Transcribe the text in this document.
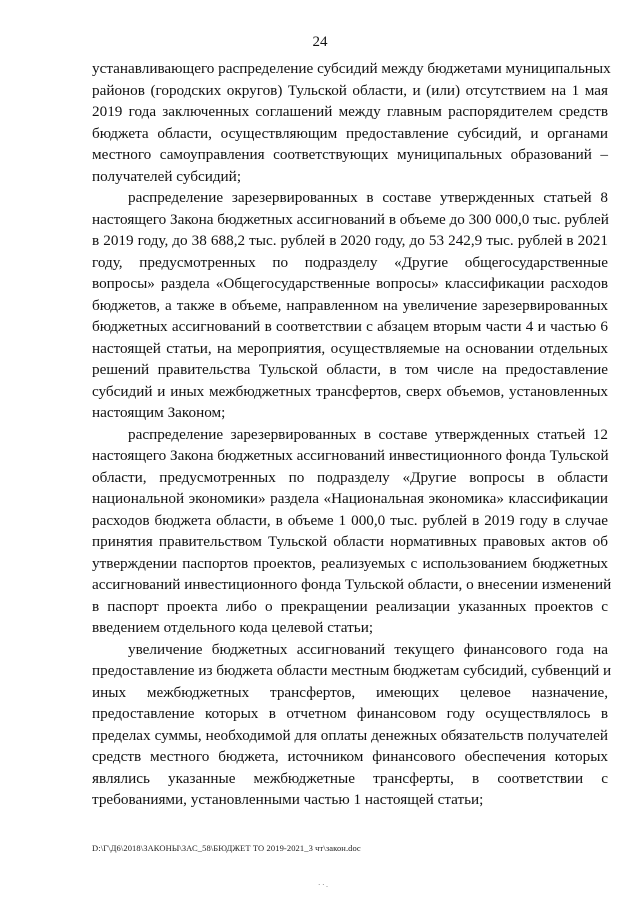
24

устанавливающего распределение субсидий между бюджетами муниципальных
районов (городских округов) Тульской области, и (или) отсутствием на 1 мая
2019 года заключенных соглашений между главным распорядителем средств
бюджета области, осуществляющим предоставление субсидий, и органами
местного самоуправления соответствующих муниципальных образований –
получателей субсидий;

распределение зарезервированных в составе утвержденных статьей 8
настоящего Закона бюджетных ассигнований в объеме до 300 000,0 тыс. рублей
в 2019 году, до 38 688,2 тыс. рублей в 2020 году, до 53 242,9 тыс. рублей в 2021
году, предусмотренных по подразделу «Другие общегосударственные
вопросы» раздела «Общегосударственные вопросы» классификации расходов
бюджетов, а также в объеме, направленном на увеличение зарезервированных
бюджетных ассигнований в соответствии с абзацем вторым части 4 и частью 6
настоящей статьи, на мероприятия, осуществляемые на основании отдельных
решений правительства Тульской области, в том числе на предоставление
субсидий и иных межбюджетных трансфертов, сверх объемов, установленных
настоящим Законом;

распределение зарезервированных в составе утвержденных статьей 12
настоящего Закона бюджетных ассигнований инвестиционного фонда Тульской
области, предусмотренных по подразделу «Другие вопросы в области
национальной экономики» раздела «Национальная экономика» классификации
расходов бюджета области, в объеме 1 000,0 тыс. рублей в 2019 году в случае
принятия правительством Тульской области нормативных правовых актов об
утверждении паспортов проектов, реализуемых с использованием бюджетных
ассигнований инвестиционного фонда Тульской области, о внесении изменений
в паспорт проекта либо о прекращении реализации указанных проектов с
введением отдельного кода целевой статьи;

увеличение бюджетных ассигнований текущего финансового года на
предоставление из бюджета области местным бюджетам субсидий, субвенций и
иных межбюджетных трансфертов, имеющих целевое назначение,
предоставление которых в отчетном финансовом году осуществлялось в
пределах суммы, необходимой для оплаты денежных обязательств получателей
средств местного бюджета, источником финансового обеспечения которых
являлись указанные межбюджетные трансферты, в соответствии с
требованиями, установленными частью 1 настоящей статьи;

D:\Г\Д6\2018\ЗАКОНЫ\ЗАС_58\БЮДЖЕТ ТО 2019-2021_3 чт\закон.doc
· · .
